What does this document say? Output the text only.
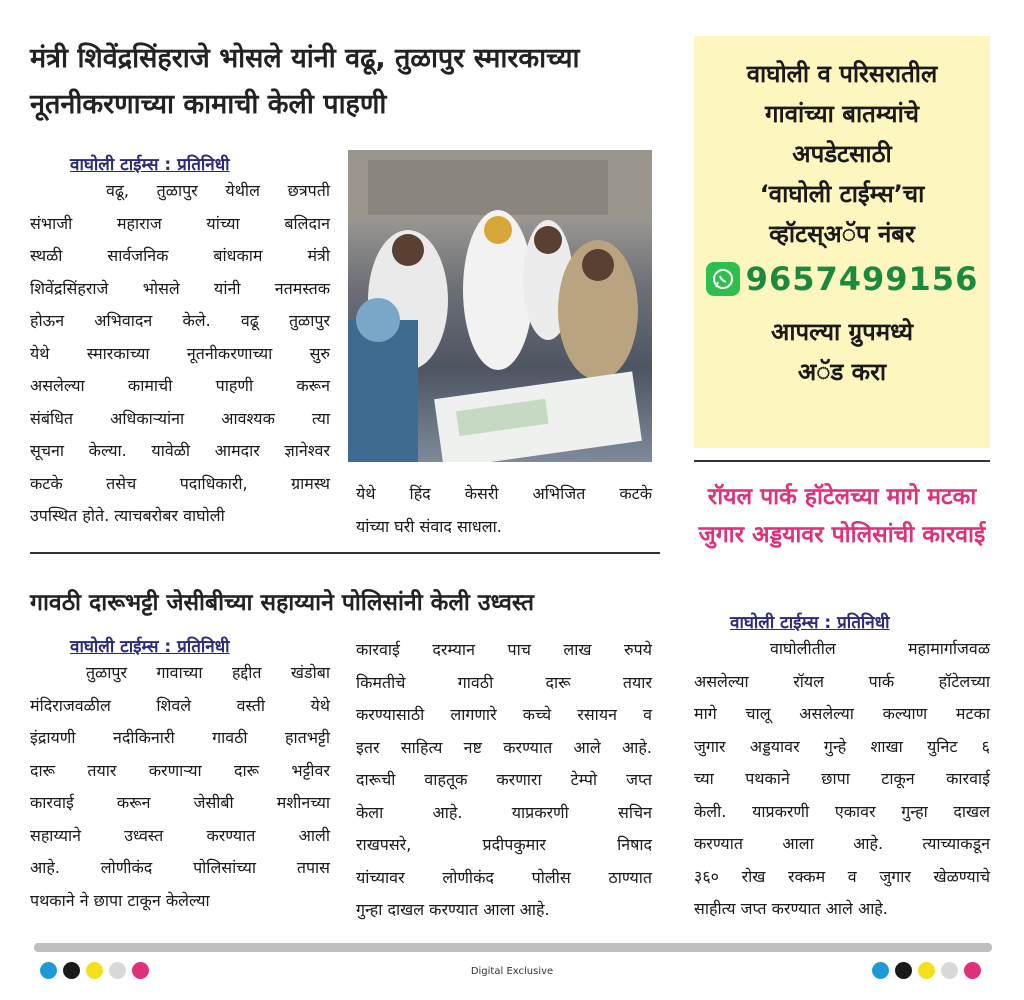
मंत्री शिवेंद्रसिंहराजे भोसले यांनी वढू, तुळापुर स्मारकाच्या नूतनीकरणाच्या कामाची केली पाहणी
वाघोली टाईम्स : प्रतिनिधी

वढू, तुळापुर येथील छत्रपती

संभाजी महाराज यांच्या बलिदान

स्थळी सार्वजनिक बांधकाम मंत्री

शिवेंद्रसिंहराजे भोसले यांनी नतमस्तक

होऊन अभिवादन केले. वढू तुळापुर

येथे स्मारकाच्या नूतनीकरणाच्या सुरु

असलेल्या कामाची पाहणी करून

संबंधित अधिकाऱ्यांना आवश्यक त्या

सूचना केल्या. यावेळी आमदार ज्ञानेश्वर

कटके तसेच पदाधिकारी, ग्रामस्थ

उपस्थित होते. त्याचबरोबर वाघोली

येथे हिंद केसरी अभिजित कटके

यांच्या घरी संवाद साधला.

गावठी दारूभट्टी जेसीबीच्या सहाय्याने पोलिसांनी केली उध्वस्त
वाघोली टाईम्स : प्रतिनिधी

तुळापुर गावाच्या हद्दीत खंडोबा

मंदिराजवळील शिवले वस्ती येथे

इंद्रायणी नदीकिनारी गावठी हातभट्टी

दारू तयार करणाऱ्या दारू भट्टीवर

कारवाई करून जेसीबी मशीनच्या

सहाय्याने उध्वस्त करण्यात आली

आहे. लोणीकंद पोलिसांच्या तपास

पथकाने ने छापा टाकून केलेल्या

कारवाई दरम्यान पाच लाख रुपये

किमतीचे गावठी दारू तयार

करण्यासाठी लागणारे कच्चे रसायन व

इतर साहित्य नष्ट करण्यात आले आहे.

दारूची वाहतूक करणारा टेम्पो जप्त

केला आहे. याप्रकरणी सचिन

राखपसरे, प्रदीपकुमार निषाद

यांच्यावर लोणीकंद पोलीस ठाण्यात

गुन्हा दाखल करण्यात आला आहे.

वाघोली व परिसरातील
गावांच्या बातम्यांचे
अपडेटसाठी
‘वाघोली टाईम्स’चा
व्हॉटस्‌अॅप नंबर
9657499156
आपल्या ग्रुपमध्ये
अॅड करा
रॉयल पार्क हॉटेलच्या मागे मटका जुगार अड्डयावर पोलिसांची कारवाई
वाघोली टाईम्स : प्रतिनिधी

वाघोलीतील महामार्गाजवळ

असलेल्या रॉयल पार्क हॉटेलच्या

मागे चालू असलेल्या कल्याण मटका

जुगार अड्डयावर गुन्हे शाखा युनिट ६

च्या पथकाने छापा टाकून कारवाई

केली. याप्रकरणी एकावर गुन्हा दाखल

करण्यात आला आहे. त्याच्याकडून

३६० रोख रक्कम व जुगार खेळण्याचे

साहीत्य जप्त करण्यात आले आहे.

Digital Exclusive
